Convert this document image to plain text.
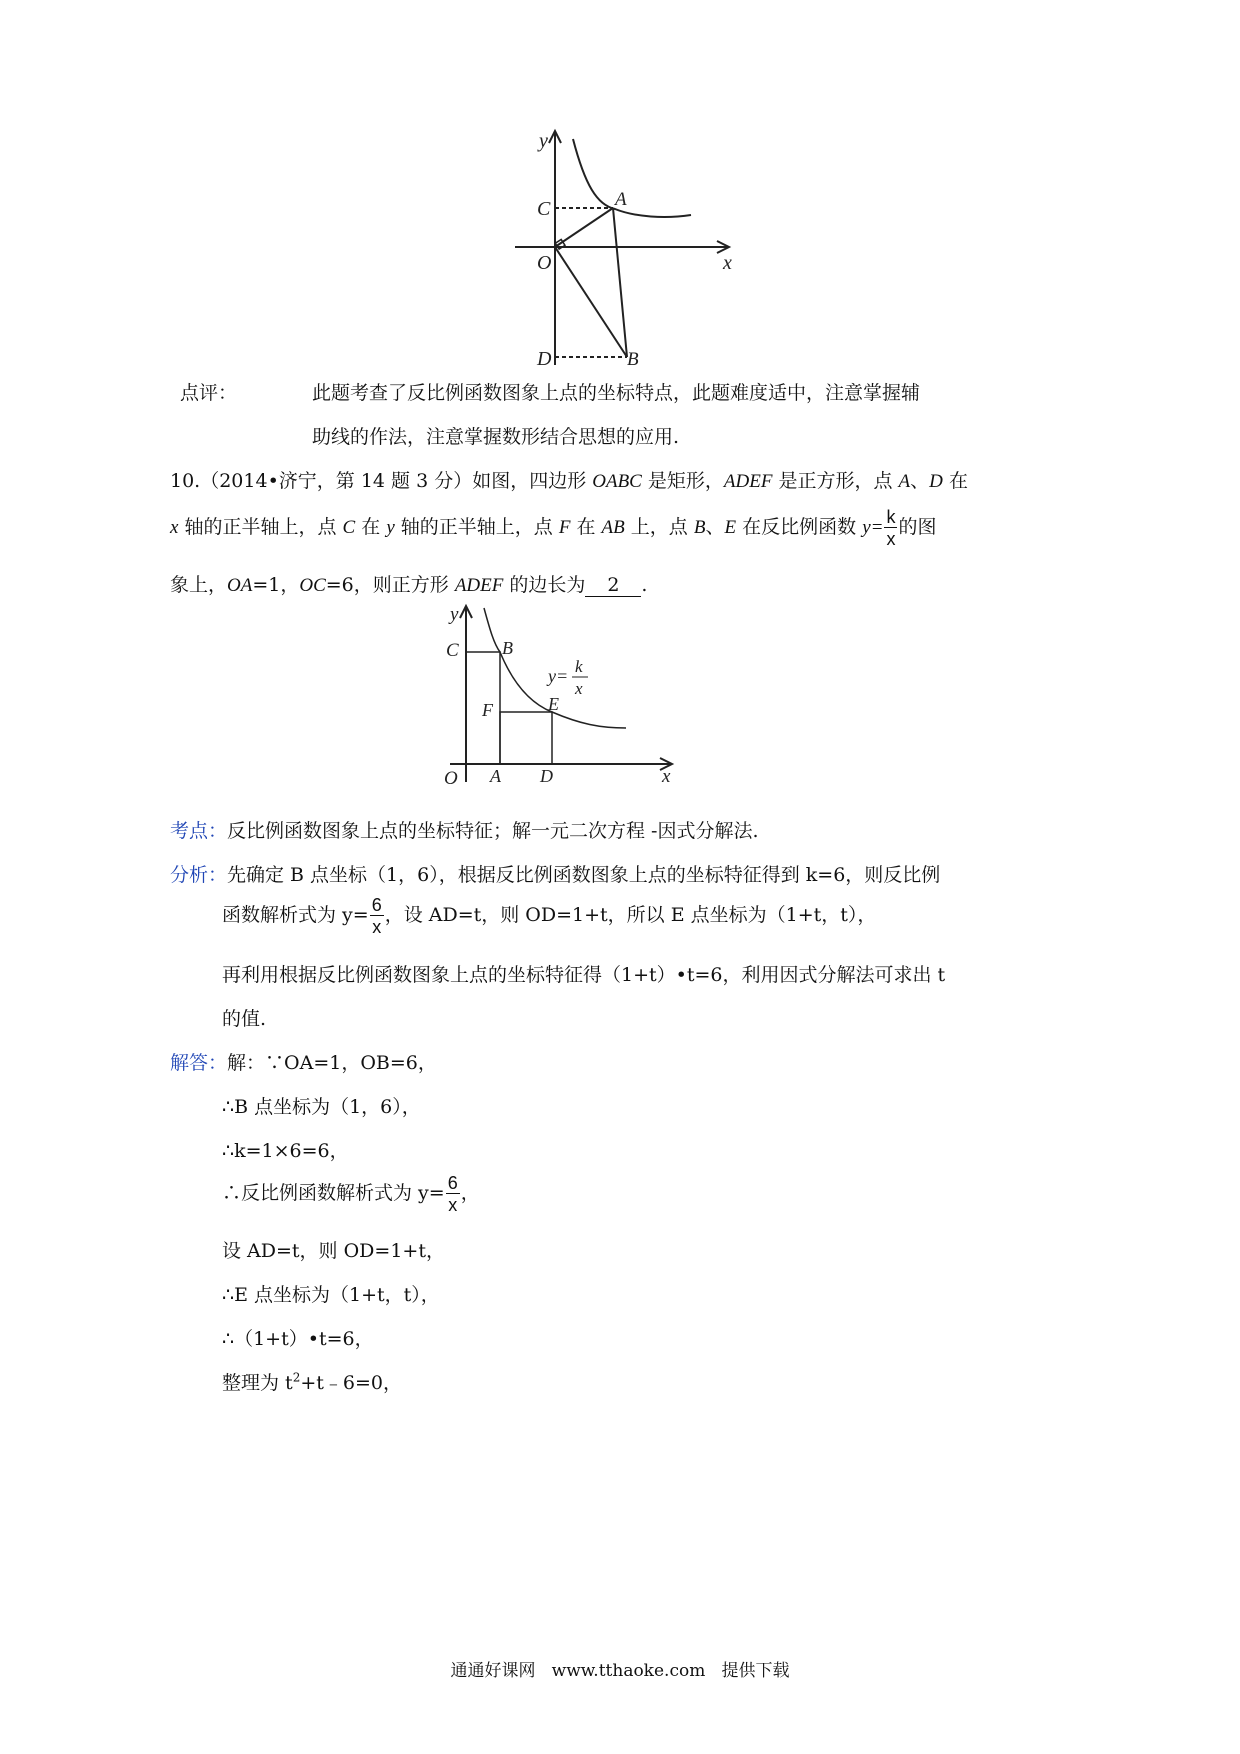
y
x
C	A
O
D	B
点评：	此题考查了反比例函数图象上点的坐标特点，此题难度适中，注意掌握辅
助线的作法，注意掌握数形结合思想的应用.
10.（2014•济宁，第 14 题 3 分）如图，四边形 OABC 是矩形，ADEF 是正方形，点 A、D 在
x 轴的正半轴上，点 C 在 y 轴的正半轴上，点 F 在 AB 上，点 B、E 在反比例函数 $y= \frac{k}{x}$ 的图
象上，OA=1，OC=6，则正方形 ADEF 的边长为 2 .
y
x
C B
F	E
O A D
y= k
x
考点：反比例函数图象上点的坐标特征；解一元二次方程 -因式分解法.
分析：先确定 B 点坐标（1，6），根据反比例函数图象上点的坐标特征得到 k=6，则反比例
函数解析式为 $y= \frac{6}{x}$ ，设 AD=t，则 OD=1+t，所以 E 点坐标为（1+t，t），
再利用根据反比例函数图象上点的坐标特征得（1+t）•t=6，利用因式分解法可求出 t
的值.
解答：解：∵OA=1，OB=6，
∴B 点坐标为（1，6），
∴k=1×6=6，
∴反比例函数解析式为 $y= \frac{6}{x}$ ，
设 AD=t，则 OD=1+t，
∴E 点坐标为（1+t，t），
∴（1+t）•t=6，
整理为 $t^2+t﹣6=0$，
通通好课网   www.tthaoke.com   提供下载
